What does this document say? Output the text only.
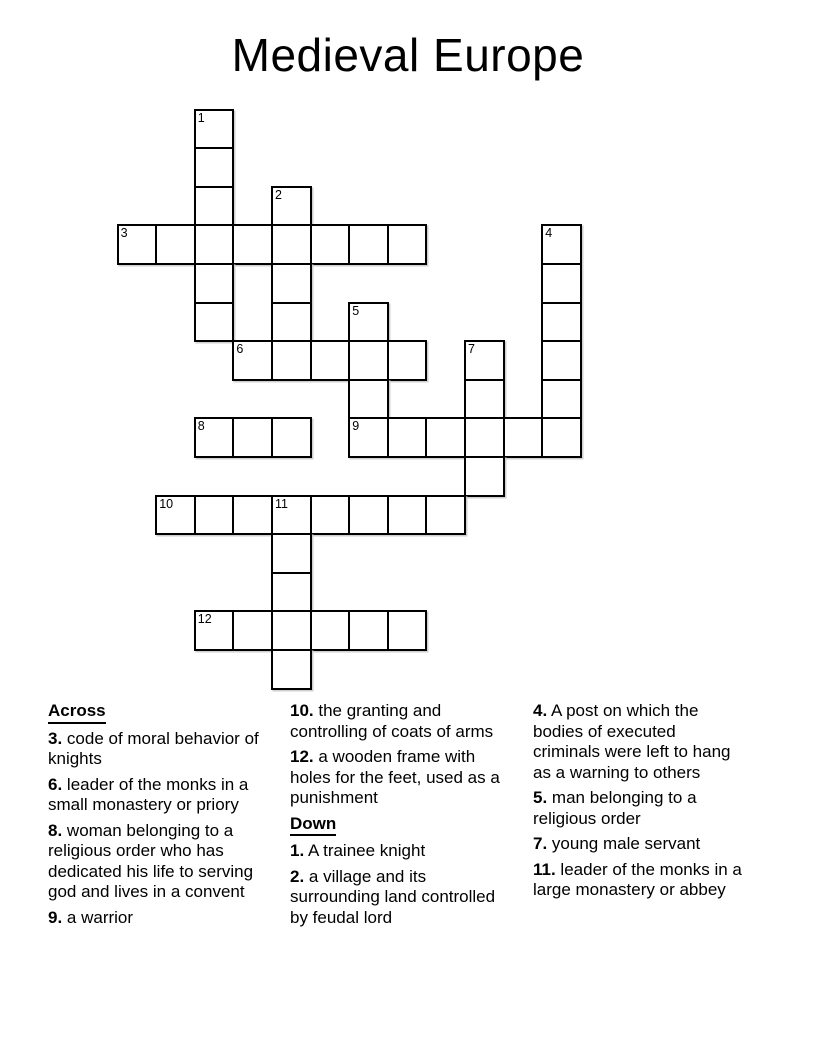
Medieval Europe
1
2
3	4
5
6	7
8	9
10	11
12

Across

3. code of moral behavior of knights

6. leader of the monks in a small monastery or priory

8. woman belonging to a religious order who has dedicated his life to serving god and lives in a convent

9. a warrior

10. the granting and controlling of coats of arms

12. a wooden frame with holes for the feet, used as a punishment

Down

1. A trainee knight

2. a village and its surrounding land controlled by feudal lord

4. A post on which the bodies of executed criminals were left to hang as a warning to others

5. man belonging to a religious order

7. young male servant

11. leader of the monks in a large monastery or abbey
